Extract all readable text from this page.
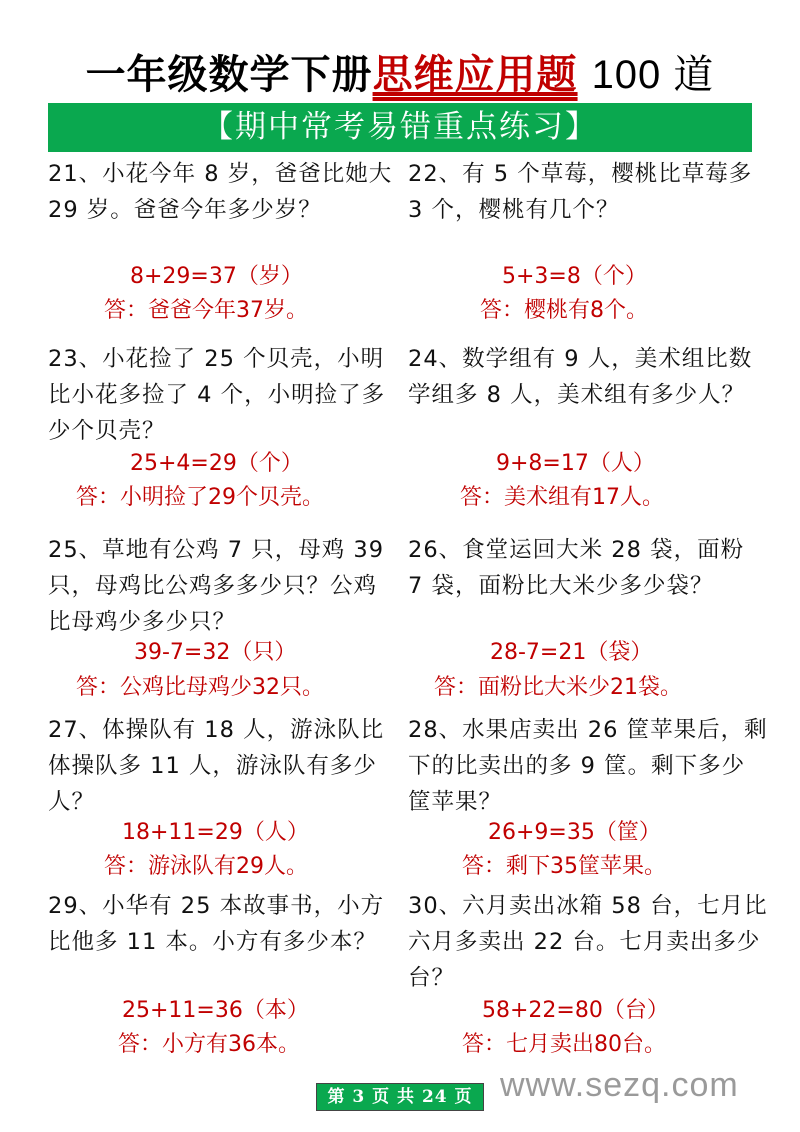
一年级数学下册思维应用题 100 道
【期中常考易错重点练习】

21、小花今年 8 岁，爸爸比她大 29 岁。爸爸今年多少岁？

8+29=37（岁）

答：爸爸今年37岁。

22、有 5 个草莓，樱桃比草莓多 3 个，樱桃有几个？

5+3=8（个）

答：樱桃有8个。

23、小花捡了 25 个贝壳，小明比小花多捡了 4 个，小明捡了多少个贝壳？

25+4=29（个）

答：小明捡了29个贝壳。

24、数学组有 9 人，美术组比数学组多 8 人，美术组有多少人？

9+8=17（人）

答：美术组有17人。

25、草地有公鸡 7 只，母鸡 39 只，母鸡比公鸡多多少只？公鸡比母鸡少多少只？

39-7=32（只）

答：公鸡比母鸡少32只。

26、食堂运回大米 28 袋，面粉 7 袋，面粉比大米少多少袋？

28-7=21（袋）

答：面粉比大米少21袋。

27、体操队有 18 人，游泳队比体操队多 11 人，游泳队有多少人？

18+11=29（人）

答：游泳队有29人。

28、水果店卖出 26 筐苹果后，剩下的比卖出的多 9 筐。剩下多少筐苹果？

26+9=35（筐）

答：剩下35筐苹果。

29、小华有 25 本故事书，小方比他多 11 本。小方有多少本？

25+11=36（本）

答：小方有36本。

30、六月卖出冰箱 58 台，七月比六月多卖出 22 台。七月卖出多少台？

58+22=80（台）

答：七月卖出80台。

第 3 页 共 24 页 www.sezq.com
